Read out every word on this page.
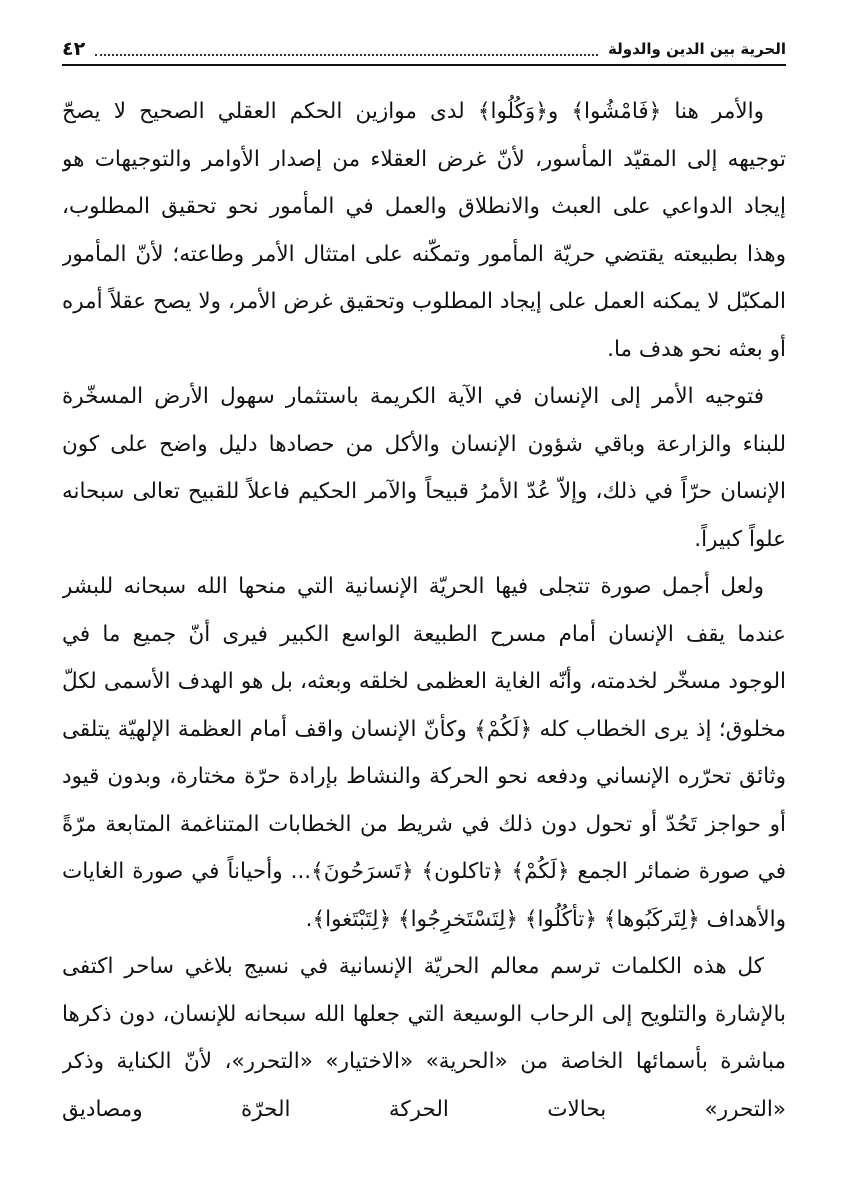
الحرية بين الدين والدولة
٤٢

والأمر هنا ﴿فَامْشُوا﴾ و﴿وَكُلُوا﴾ لدى موازين الحكم العقلي الصحيح لا يصحّ توجيهه إلى المقيّد المأسور، لأنّ غرض العقلاء من إصدار الأوامر والتوجيهات هو إيجاد الدواعي على العبث والانطلاق والعمل في المأمور نحو تحقيق المطلوب، وهذا بطبيعته يقتضي حريّة المأمور وتمكّنه على امتثال الأمر وطاعته؛ لأنّ المأمور المكبّل لا يمكنه العمل على إيجاد المطلوب وتحقيق غرض الأمر، ولا يصح عقلاً أمره أو بعثه نحو هدف ما.

فتوجيه الأمر إلى الإنسان في الآية الكريمة باستثمار سهول الأرض المسخّرة للبناء والزارعة وباقي شؤون الإنسان والأكل من حصادها دليل واضح على كون الإنسان حرّاً في ذلك، وإلاّ عُدّ الأمرُ قبيحاً والآمر الحكيم فاعلاً للقبيح تعالى سبحانه علواً كبيراً.

ولعل أجمل صورة تتجلى فيها الحريّة الإنسانية التي منحها الله سبحانه للبشر عندما يقف الإنسان أمام مسرح الطبيعة الواسع الكبير فيرى أنّ جميع ما في الوجود مسخّر لخدمته، وأنّه الغاية العظمى لخلقه وبعثه، بل هو الهدف الأسمى لكلّ مخلوق؛ إذ يرى الخطاب كله ﴿لَكُمْ﴾ وكأنّ الإنسان واقف أمام العظمة الإلهيّة يتلقى وثائق تحرّره الإنساني ودفعه نحو الحركة والنشاط بإرادة حرّة مختارة، وبدون قيود أو حواجز تَحُدّ أو تحول دون ذلك في شريط من الخطابات المتناغمة المتابعة مرّةً في صورة ضمائر الجمع ﴿لَكُمْ﴾ ﴿تاكلون﴾ ﴿تَسرَحُونَ﴾... وأحياناً في صورة الغايات والأهداف ﴿لِتَركَبُوها﴾ ﴿تأكُلُوا﴾ ﴿لِتَسْتَخرِجُوا﴾ ﴿لِتَبْتَغوا﴾.

كل هذه الكلمات ترسم معالم الحريّة الإنسانية في نسيج بلاغي ساحر اكتفى بالإشارة والتلويح إلى الرحاب الوسيعة التي جعلها الله سبحانه للإنسان، دون ذكرها مباشرة بأسمائها الخاصة من «الحرية» «الاختيار» «التحرر»، لأنّ الكناية وذكر «التحرر» بحالات الحركة الحرّة ومصاديق
